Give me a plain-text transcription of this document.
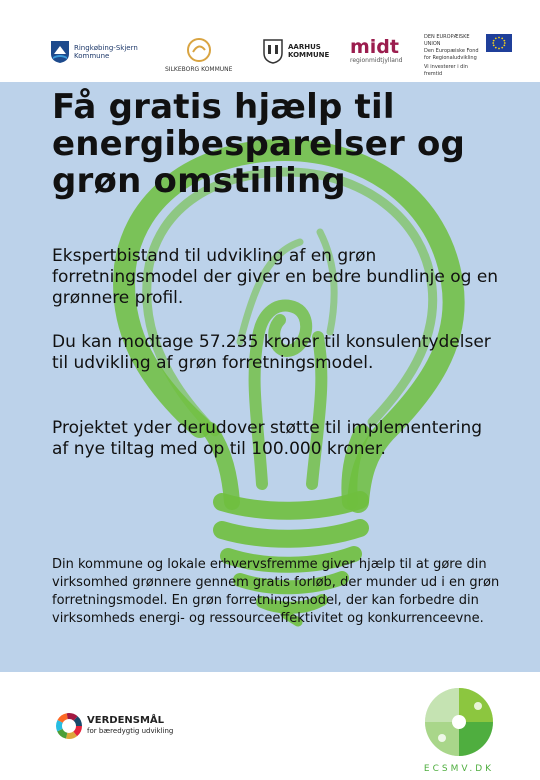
Ringkøbing-Skjern
Kommune
SILKEBORG KOMMUNE
AARHUS
KOMMUNE midt
regionmidtjylland
DEN EUROPÆISKE UNION
Den Europæiske Fond
for Regionaludvikling
Vi investerer i din fremtid
Få gratis hjælp til energibesparelser og grøn omstilling

Ekspertbistand til udvikling af en grøn forretningsmodel der giver en bedre bundlinje og en grønnere profil.

Du kan modtage 57.235 kroner til konsulentydelser til udvikling af grøn forretningsmodel.

Projektet yder derudover støtte til implementering af nye tiltag med op til 100.000 kroner.

Din kommune og lokale erhvervsfremme giver hjælp til at gøre din virksomhed grønnere gennem gratis forløb, der munder ud i en grøn forretningsmodel. En grøn forretningsmodel, der kan forbedre din virksomheds energi- og ressourceeffektivitet og konkurrenceevne.

VERDENSMÅL
for bæredygtig udvikling
ECSMV.DK
